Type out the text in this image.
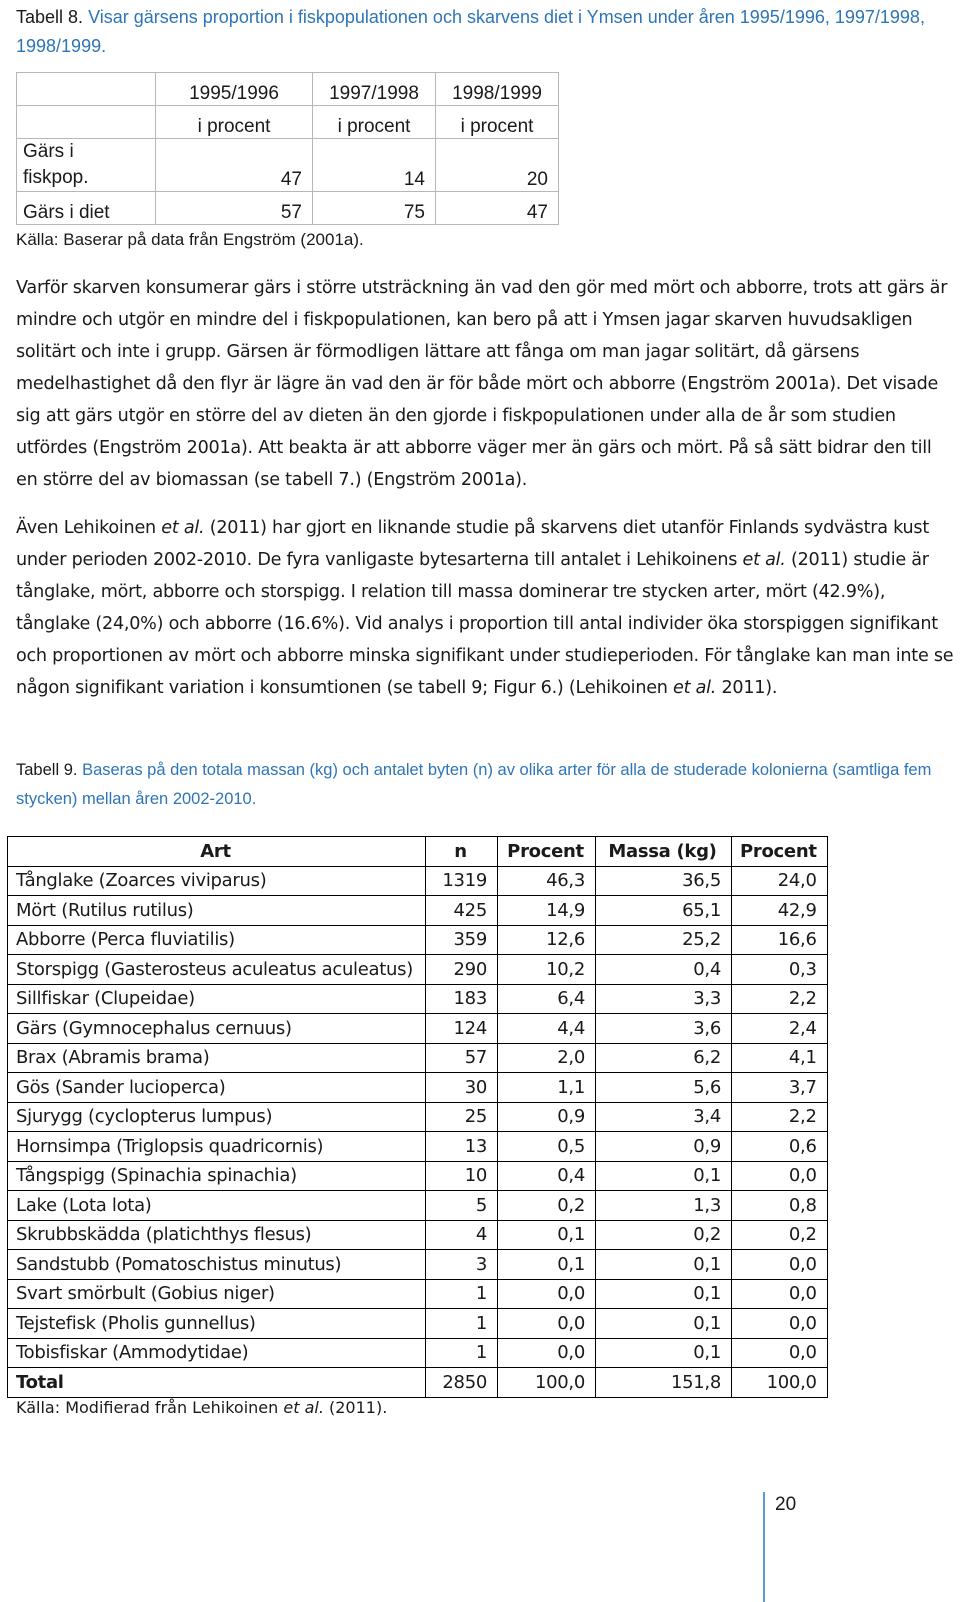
Tabell 8. Visar gärsens proportion i fiskpopulationen och skarvens diet i Ymsen under åren 1995/1996, 1997/1998, 1998/1999.
	1995/1996	1997/1998	1998/1999
	i procent	i procent	i procent

Gärs i
fiskpop.	47	14	20
Gärs i diet	57	75	47
Källa: Baserar på data från Engström (2001a).

Varför skarven konsumerar gärs i större utsträckning än vad den gör med mört och abborre, trots att gärs är mindre och utgör en mindre del i fiskpopulationen, kan bero på att i Ymsen jagar skarven huvudsakligen solitärt och inte i grupp. Gärsen är förmodligen lättare att fånga om man jagar solitärt, då gärsens medelhastighet då den flyr är lägre än vad den är för både mört och abborre (Engström 2001a). Det visade sig att gärs utgör en större del av dieten än den gjorde i fiskpopulationen under alla de år som studien utfördes (Engström 2001a). Att beakta är att abborre väger mer än gärs och mört. På så sätt bidrar den till en större del av biomassan (se tabell 7.) (Engström 2001a).

Även Lehikoinen et al. (2011) har gjort en liknande studie på skarvens diet utanför Finlands sydvästra kust under perioden 2002-2010. De fyra vanligaste bytesarterna till antalet i Lehikoinens et al. (2011) studie är tånglake, mört, abborre och storspigg. I relation till massa dominerar tre stycken arter, mört (42.9%), tånglake (24,0%) och abborre (16.6%). Vid analys i proportion till antal individer öka storspiggen signifikant och proportionen av mört och abborre minska signifikant under studieperioden. För tånglake kan man inte se någon signifikant variation i konsumtionen (se tabell 9; Figur 6.) (Lehikoinen et al. 2011).

Tabell 9. Baseras på den totala massan (kg) och antalet byten (n) av olika arter för alla de studerade kolonierna (samtliga fem stycken) mellan åren 2002-2010.
Art	n	Procent	Massa (kg)	Procent
Tånglake (Zoarces viviparus)	1319	46,3	36,5	24,0
Mört (Rutilus rutilus)	425	14,9	65,1	42,9
Abborre (Perca fluviatilis)	359	12,6	25,2	16,6
Storspigg (Gasterosteus aculeatus aculeatus)	290	10,2	0,4	0,3
Sillfiskar (Clupeidae)	183	6,4	3,3	2,2
Gärs (Gymnocephalus cernuus)	124	4,4	3,6	2,4
Brax (Abramis brama)	57	2,0	6,2	4,1
Gös (Sander lucioperca)	30	1,1	5,6	3,7
Sjurygg (cyclopterus lumpus)	25	0,9	3,4	2,2
Hornsimpa (Triglopsis quadricornis)	13	0,5	0,9	0,6
Tångspigg (Spinachia spinachia)	10	0,4	0,1	0,0
Lake (Lota lota)	5	0,2	1,3	0,8
Skrubbskädda (platichthys flesus)	4	0,1	0,2	0,2
Sandstubb (Pomatoschistus minutus)	3	0,1	0,1	0,0
Svart smörbult (Gobius niger)	1	0,0	0,1	0,0
Tejstefisk (Pholis gunnellus)	1	0,0	0,1	0,0
Tobisfiskar (Ammodytidae)	1	0,0	0,1	0,0
Total	2850	100,0	151,8	100,0
Källa: Modifierad från Lehikoinen et al. (2011).
20
